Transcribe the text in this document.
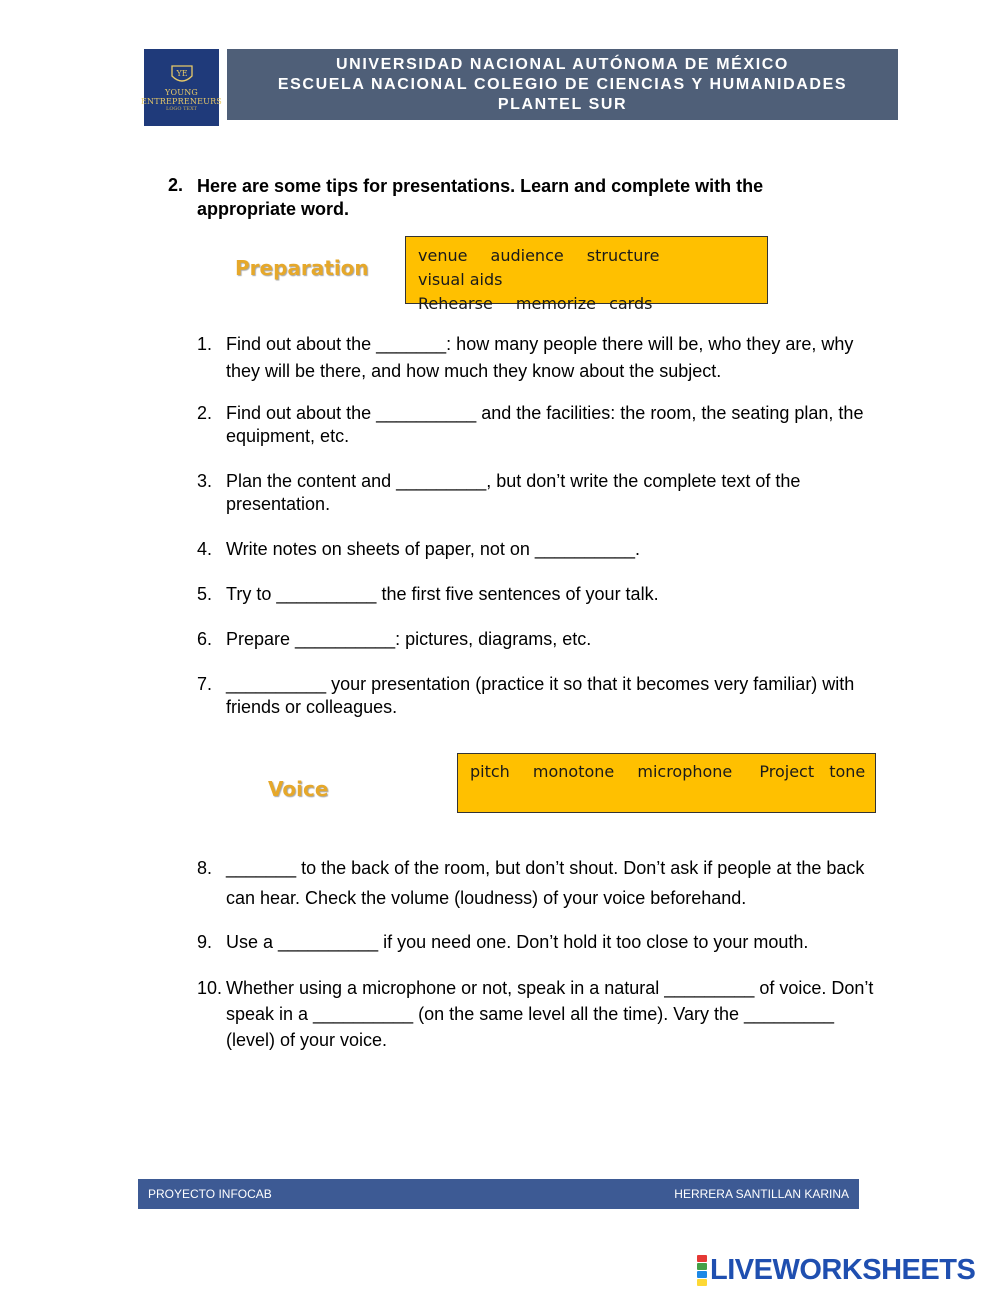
YE
YOUNG
ENTREPRENEURS
LOGO TEXT
UNIVERSIDAD NACIONAL AUTÓNOMA DE MÉXICO
ESCUELA NACIONAL COLEGIO DE CIENCIAS Y HUMANIDADES
PLANTEL SUR
2. Here are some tips for presentations. Learn and complete with the appropriate word.
Preparation
venue audience structure visual aids
Rehearse memorize cards
1. Find out about the _______: how many people there will be, who they are, why they will be there, and how much they know about the subject.
2. Find out about the __________ and the facilities: the room, the seating plan, the equipment, etc.
3. Plan the content and _________, but don’t write the complete text of the presentation.
4. Write notes on sheets of paper, not on __________.
5. Try to __________ the first five sentences of your talk.
6. Prepare __________: pictures, diagrams, etc.
7. __________ your presentation (practice it so that it becomes very familiar) with friends or colleagues.
Voice
pitch monotone microphone Project tone
8. _______ to the back of the room, but don’t shout. Don’t ask if people at the back can hear. Check the volume (loudness) of your voice beforehand.
9. Use a __________ if you need one. Don’t hold it too close to your mouth.
10. Whether using a microphone or not, speak in a natural _________ of voice. Don’t speak in a __________ (on the same level all the time). Vary the _________ (level) of your voice.
PROYECTO INFOCAB	HERRERA SANTILLAN KARINA
LIVEWORKSHEETS
